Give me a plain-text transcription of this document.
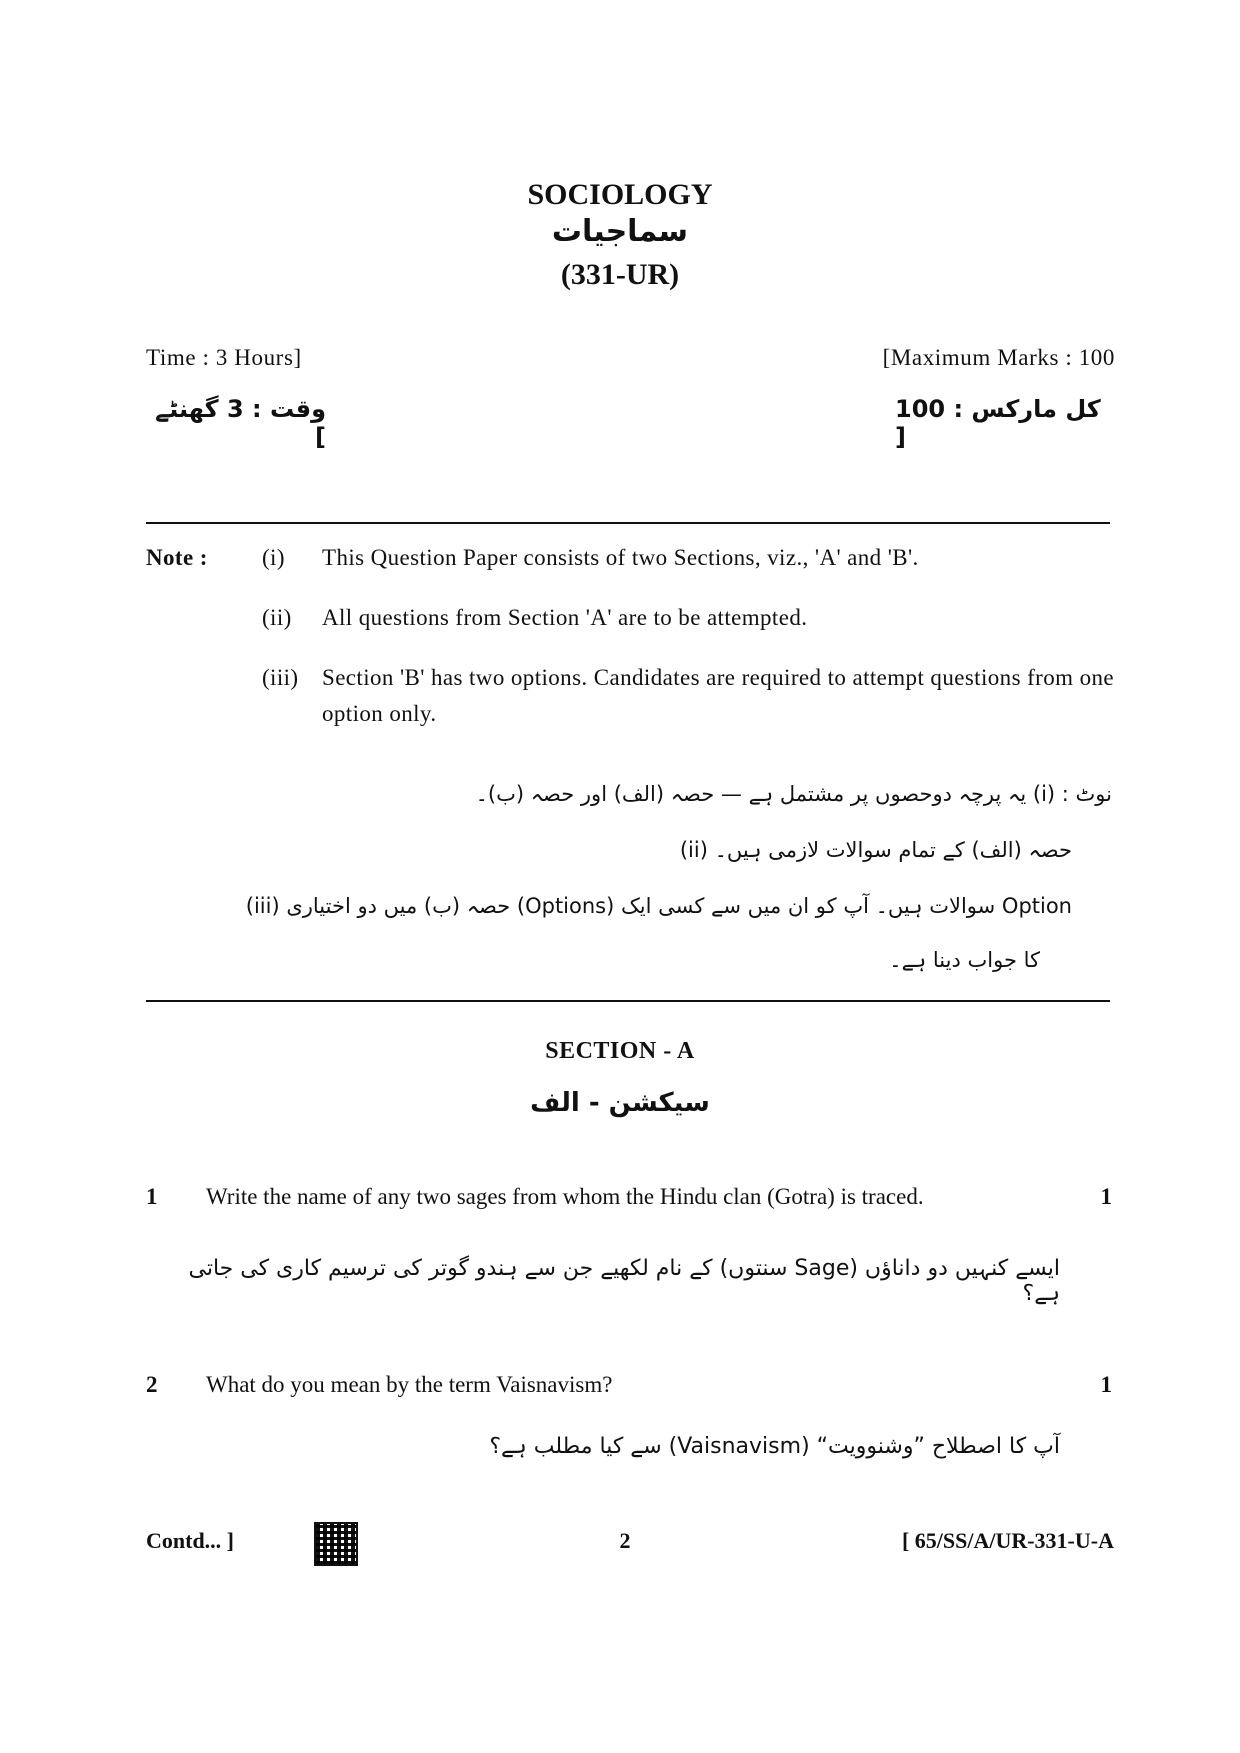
SOCIOLOGY
سماجیات
(331-UR)
Time : 3 Hours]	[Maximum Marks : 100
وقت : 3 گھنٹے ]
کل مارکس : 100 [
Note : (i) This Question Paper consists of two Sections, viz., 'A' and 'B'.
(ii) All questions from Section 'A' are to be attempted.
(iii) Section 'B' has two options. Candidates are required to attempt questions from one option only.
نوٹ : (i) یہ پرچہ دوحصوں پر مشتمل ہے — حصہ (الف) اور حصہ (ب)۔
(ii) حصہ (الف) کے تمام سوالات لازمی ہیں۔
(iii) حصہ (ب) میں دو اختیاری (Options) سوالات ہیں۔ آپ کو ان میں سے کسی ایک Option
کا جواب دینا ہے۔
SECTION - A
سیکشن - الف
1 Write the name of any two sages from whom the Hindu clan (Gotra) is traced.	1
ایسے کنہیں دو داناؤں (Sage سنتوں) کے نام لکھیے جن سے ہندو گوتر کی ترسیم کاری کی جاتی ہے؟
2 What do you mean by the term Vaisnavism?	1
آپ کا اصطلاح ”وشنوویت“ (Vaisnavism) سے کیا مطلب ہے؟
Contd... ]	2	[ 65/SS/A/UR-331-U-A
